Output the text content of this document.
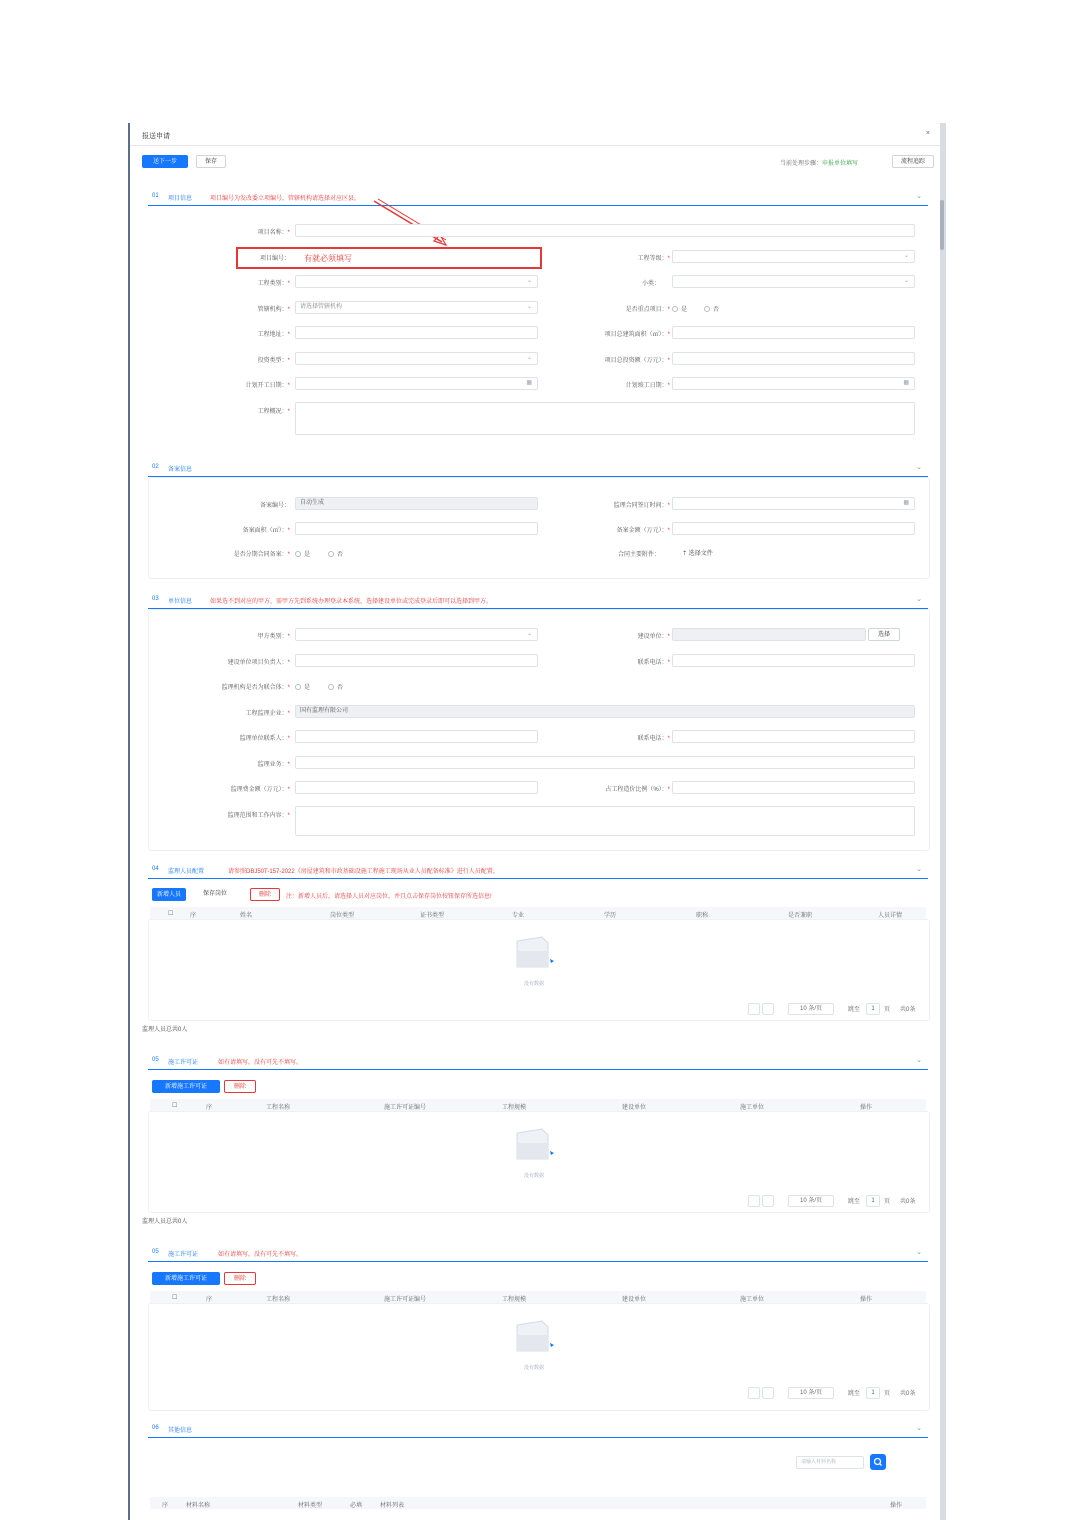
报送申请	×
送下一步	保存	当前处理步骤：申报单位填写	流程追踪
01 项目信息	项目编号为发改委立项编号，管辖机构请选择对应区县。	⌄
项目名称：*
有就必须填写
项目编号：	工程等级：*	⌄
工程类别：*	⌄	小类：	⌄
管辖机构：*	请选择管辖机构	⌄	是否重点项目：*	是	否
工程地址：*	项目总建筑面积（㎡）：*
投资类型：*	⌄	项目总投资额（万元）：*
计划开工日期：*	▦	计划竣工日期：*	▦
工程概况：*
02 备案信息	⌄
备案编号：	自动生成	监理合同签订时间：*	▦
备案面积（㎡）：*	备案金额（万元）：*
是否分期合同备案：*	是	否	合同主要附件：	⇡ 选择文件
03 单位信息	如果选不到对应的甲方，需甲方先到系统办理登录本系统，选择建设单位或完成登录后即可以选择到甲方。	⌄
甲方类别：*	⌄	建设单位：*	选择
建设单位项目负责人：*	联系电话：*
监理机构是否为联合体：*	是	否
工程监理企业：*	国有监理有限公司
监理单位联系人：*	联系电话：*
监理业务：*
监理费金额（万元）：*	占工程造价比例（%）：*
监理范围和工作内容：*
04 监理人员配置	请参照DBJ50T-157-2022《房屋建筑和市政基础设施工程施工现场从业人员配备标准》进行人员配置。	⌄
新增人员	保存岗位	删除	注：新增人员后，请选择人员对应岗位，并且点击保存岗位按钮保存所选信息!
☐	序	姓名	岗位类型	证书类型	专业	学历	职称	是否兼职	人员详情
没有数据
10 条/页	跳至	1	页 共0条
监理人员总共0人
05 施工许可证	如有请填写，没有可先不填写。	⌄
新增施工许可证	删除
☐	序	工程名称	施工许可证编号	工程规模	建设单位	施工单位	操作
没有数据
10 条/页	跳至	1	页 共0条
监理人员总共0人
05 施工许可证	如有请填写，没有可先不填写。	⌄
新增施工许可证	删除
☐	序	工程名称	施工许可证编号	工程规模	建设单位	施工单位	操作
没有数据
10 条/页	跳至	1	页 共0条
06 其他信息	⌄
请输入材料名称
序	材料名称	材料类型	必填	材料列表	操作
